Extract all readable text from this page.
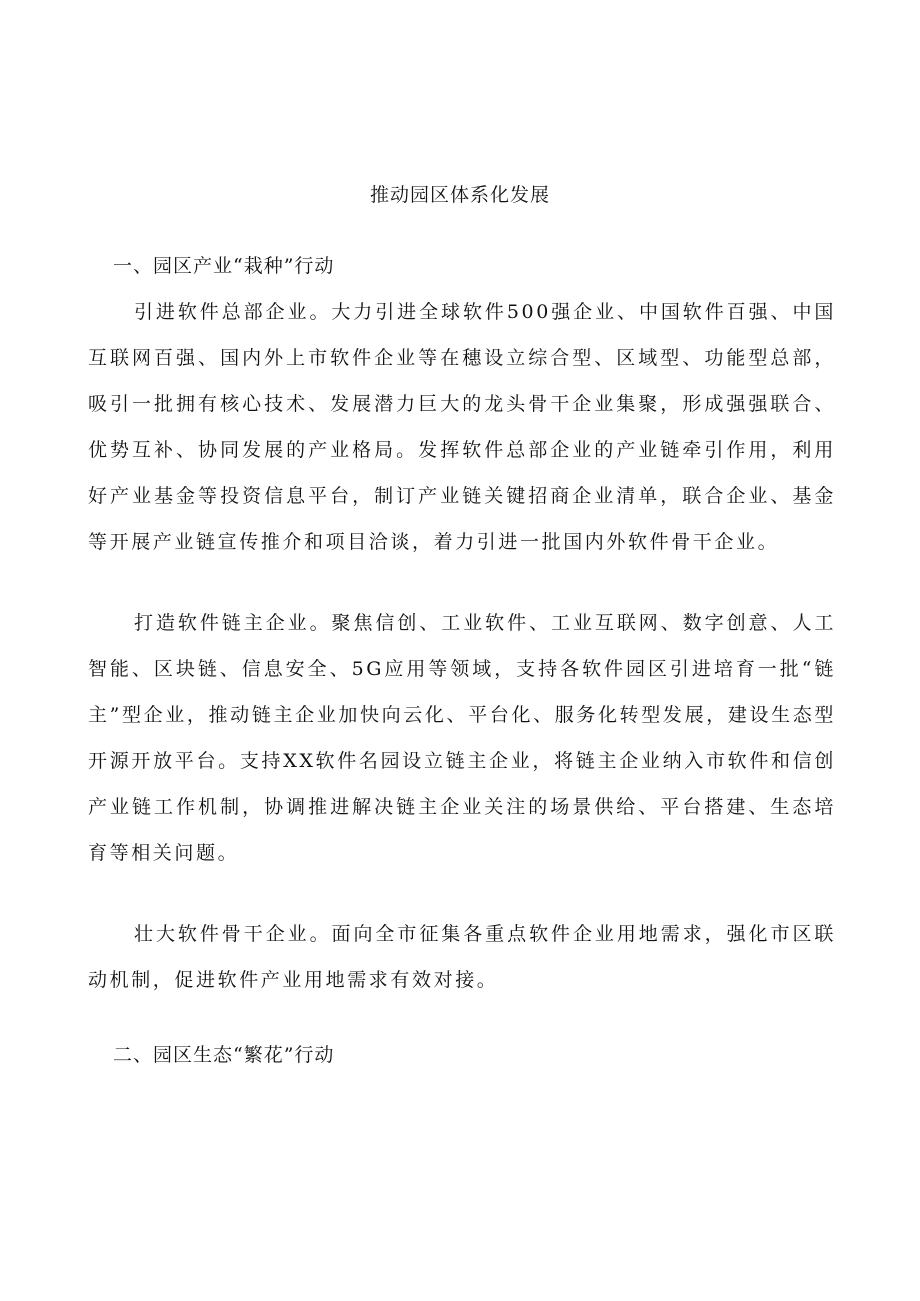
推动园区体系化发展
一、园区产业“栽种”行动

引进软件总部企业。大力引进全球软件500强企业、中国软件百强、中国互联网百强、国内外上市软件企业等在穗设立综合型、区域型、功能型总部，吸引一批拥有核心技术、发展潜力巨大的龙头骨干企业集聚，形成强强联合、优势互补、协同发展的产业格局。发挥软件总部企业的产业链牵引作用，利用好产业基金等投资信息平台，制订产业链关键招商企业清单，联合企业、基金等开展产业链宣传推介和项目洽谈，着力引进一批国内外软件骨干企业。

打造软件链主企业。聚焦信创、工业软件、工业互联网、数字创意、人工智能、区块链、信息安全、5G应用等领域，支持各软件园区引进培育一批“链主”型企业，推动链主企业加快向云化、平台化、服务化转型发展，建设生态型开源开放平台。支持XX软件名园设立链主企业，将链主企业纳入市软件和信创产业链工作机制，协调推进解决链主企业关注的场景供给、平台搭建、生态培育等相关问题。

壮大软件骨干企业。面向全市征集各重点软件企业用地需求，强化市区联动机制，促进软件产业用地需求有效对接。

二、园区生态“繁花”行动
